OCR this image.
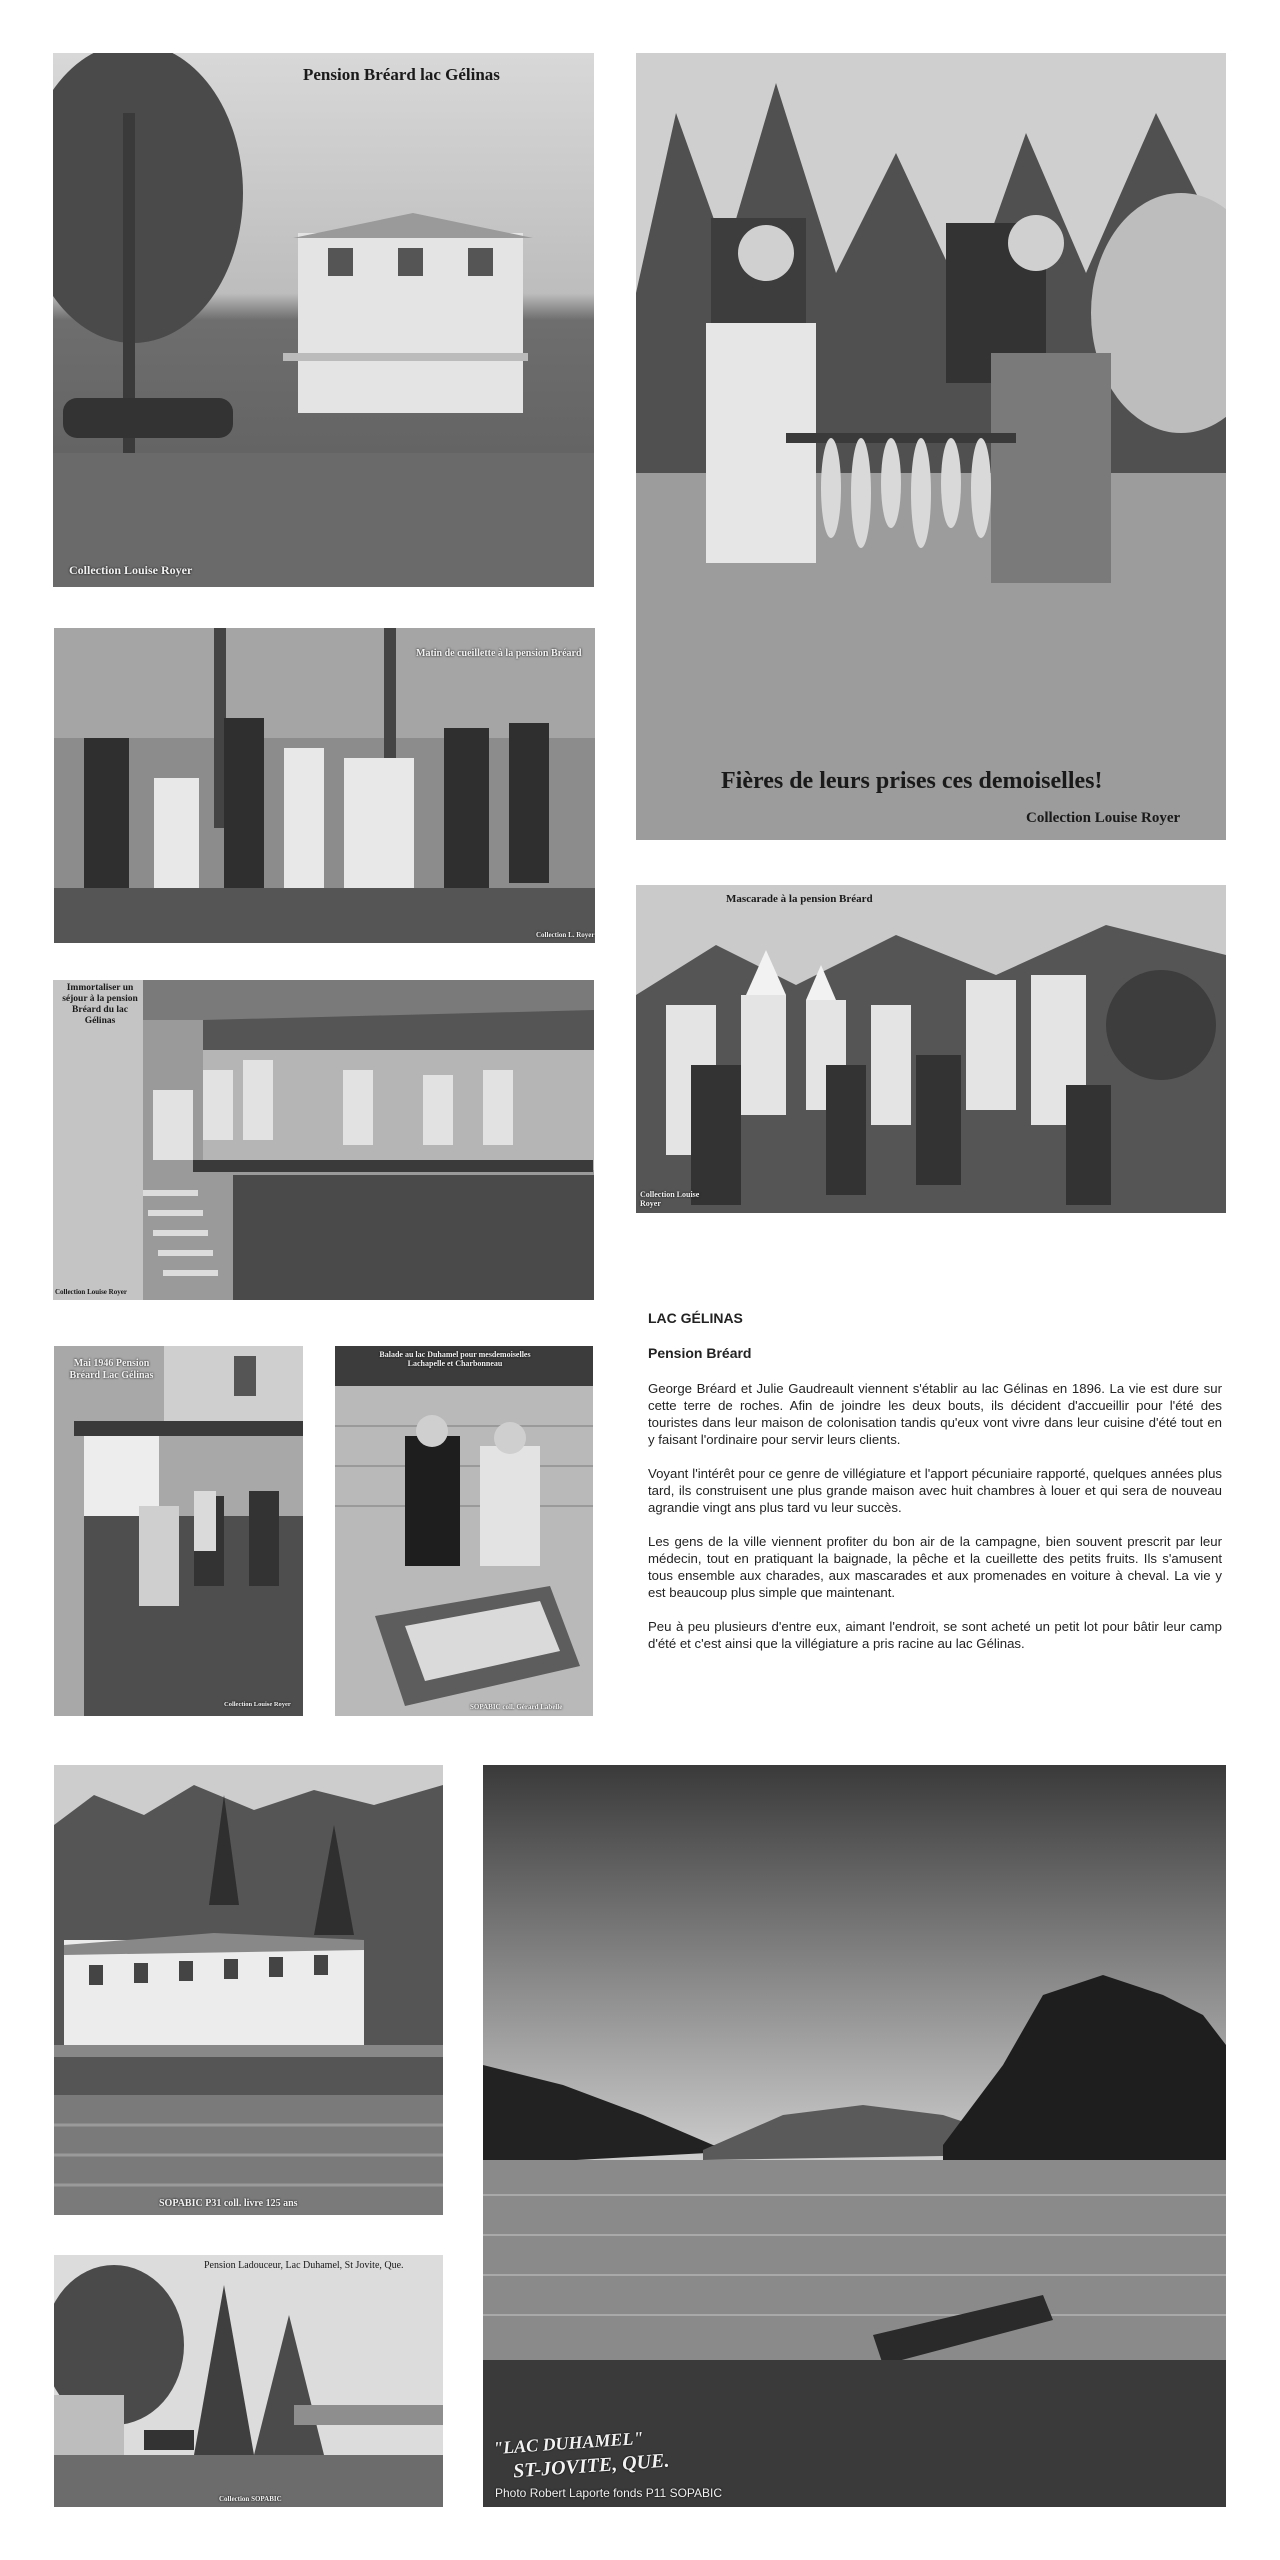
Pension Bréard lac Gélinas
Collection Louise Royer
Fières de leurs prises ces demoiselles!
Collection Louise Royer
Matin de cueillette à la pension Bréard
Collection L. Royer
Mascarade à la pension Bréard
Collection Louise Royer
Immortaliser un séjour à la pension Bréard du lac Gélinas
Collection Louise Royer
Mai 1946 Pension Bréard Lac Gélinas
Collection Louise Royer
Balade au lac Duhamel pour mesdemoiselles Lachapelle et Charbonneau
SOPABIC coll. Gérard Labelle
LAC GÉLINAS
Pension Bréard

George Bréard et Julie Gaudreault viennent s'établir au lac Gélinas en 1896. La vie est dure sur cette terre de roches. Afin de joindre les deux bouts, ils décident d'accueillir pour l'été des touristes dans leur maison de colonisation tandis qu'eux vont vivre dans leur cuisine d'été tout en y faisant l'ordinaire pour servir leurs clients.

Voyant l'intérêt pour ce genre de villégiature et l'apport pécuniaire rapporté, quelques années plus tard, ils construisent une plus grande maison avec huit chambres à louer et qui sera de nouveau agrandie vingt ans plus tard vu leur succès.

Les gens de la ville viennent profiter du bon air de la campagne, bien souvent prescrit par leur médecin, tout en pratiquant la baignade, la pêche et la cueillette des petits fruits. Ils s'amusent tous ensemble aux charades, aux mascarades et aux promenades en voiture à cheval. La vie y est beaucoup plus simple que maintenant.

Peu à peu plusieurs d'entre eux, aimant l'endroit, se sont acheté un petit lot pour bâtir leur camp d'été et c'est ainsi que la villégiature a pris racine au lac Gélinas.

SOPABIC P31 coll. livre 125 ans
Pension Ladouceur, Lac Duhamel, St Jovite, Que.
Collection SOPABIC
"LAC DUHAMEL"
ST-JOVITE, QUE.
Photo Robert Laporte fonds P11 SOPABIC
